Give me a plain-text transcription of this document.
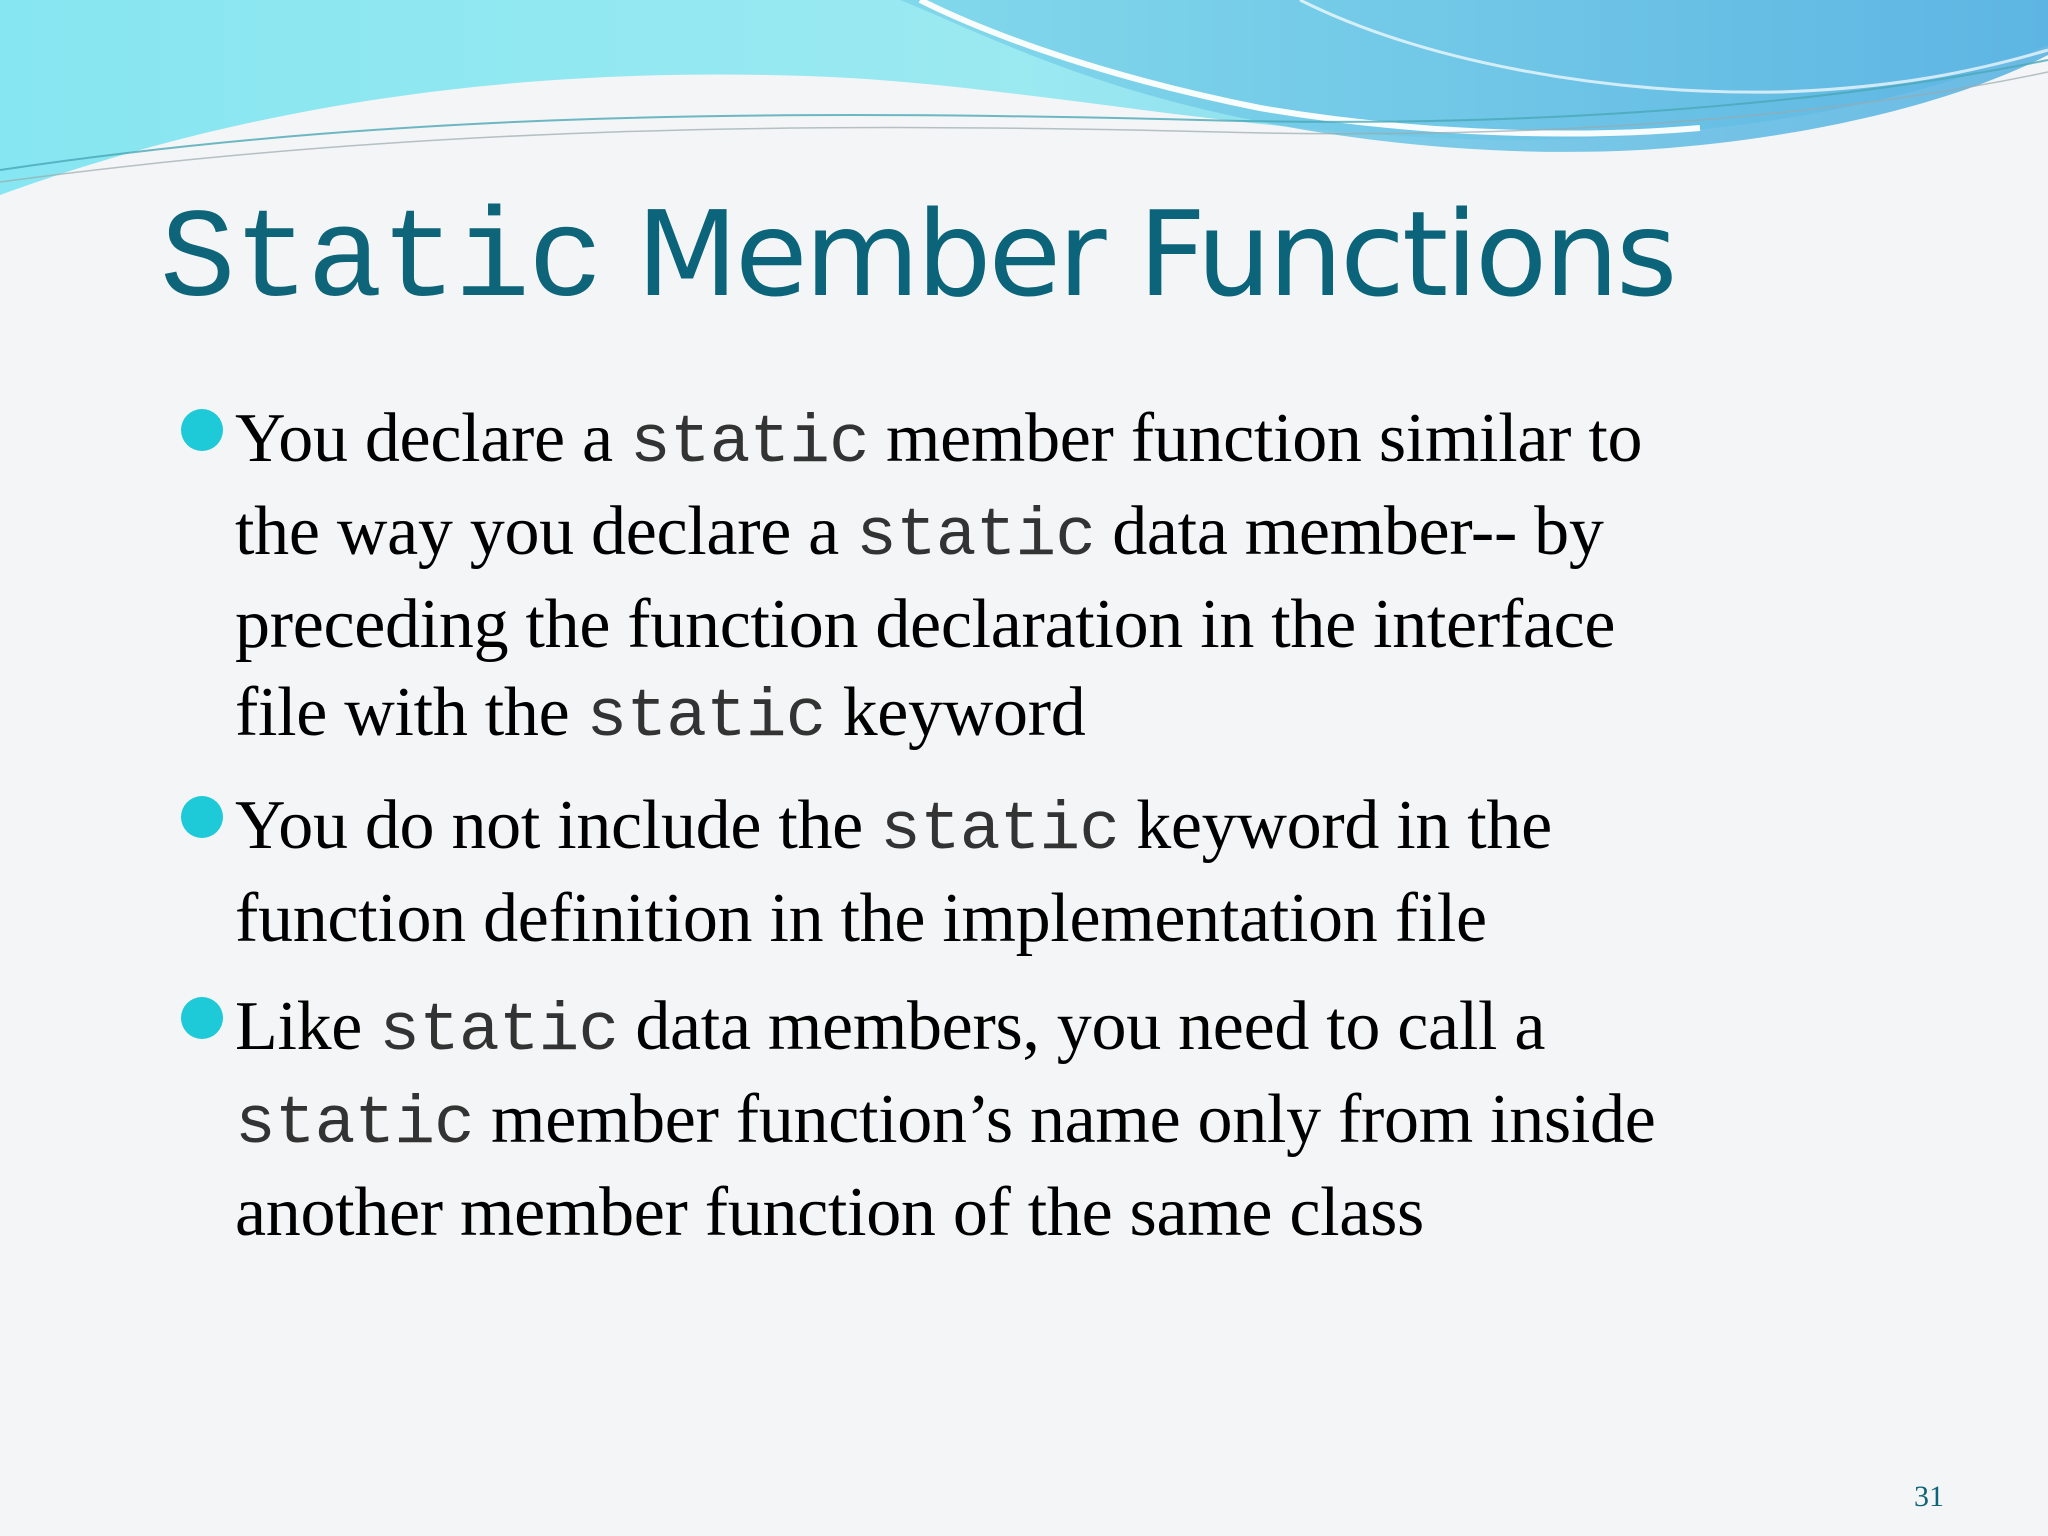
Static Member Functions
You declare a static member function similar to
the way you declare a static data member-- by
preceding the function declaration in the interface
file with the static keyword
You do not include the static keyword in the
function definition in the implementation file
Like static data members, you need to call a
static member function’s name only from inside
another member function of the same class
31
